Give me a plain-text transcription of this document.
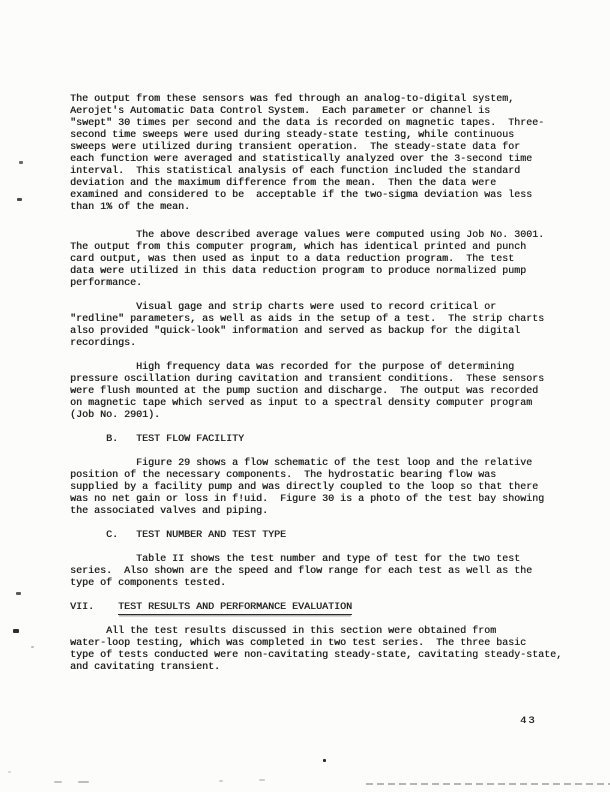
The output from these sensors was fed through an analog-to-digital system,
Aerojet's Automatic Data Control System.  Each parameter or channel is
"swept" 30 times per second and the data is recorded on magnetic tapes.  Three-
second time sweeps were used during steady-state testing, while continuous
sweeps were utilized during transient operation.  The steady-state data for
each function were averaged and statistically analyzed over the 3-second time
interval.  This statistical analysis of each function included the standard
deviation and the maximum difference from the mean.  Then the data were
examined and considered to be  acceptable if the two-sigma deviation was less
than 1% of the mean.
The above described average values were computed using Job No. 3001.
The output from this computer program, which has identical printed and punch
card output, was then used as input to a data reduction program.  The test
data were utilized in this data reduction program to produce normalized pump
performance.
Visual gage and strip charts were used to record critical or
"redline" parameters, as well as aids in the setup of a test.  The strip charts
also provided "quick-look" information and served as backup for the digital
recordings.
High frequency data was recorded for the purpose of determining
pressure oscillation during cavitation and transient conditions.  These sensors
were flush mounted at the pump suction and discharge.  The output was recorded
on magnetic tape which served as input to a spectral density computer program
(Job No. 2901).
B.   TEST FLOW FACILITY
Figure 29 shows a flow schematic of the test loop and the relative
position of the necessary components.  The hydrostatic bearing flow was
supplied by a facility pump and was directly coupled to the loop so that there
was no net gain or loss in f!uid.  Figure 30 is a photo of the test bay showing
the associated valves and piping.
C.   TEST NUMBER AND TEST TYPE
Table II shows the test number and type of test for the two test
series.  Also shown are the speed and flow range for each test as well as the
type of components tested.
VII.    TEST RESULTS AND PERFORMANCE EVALUATION
All the test results discussed in this section were obtained from
water-loop testing, which was completed in two test series.  The three basic
type of tests conducted were non-cavitating steady-state, cavitating steady-state,
and cavitating transient.
43
